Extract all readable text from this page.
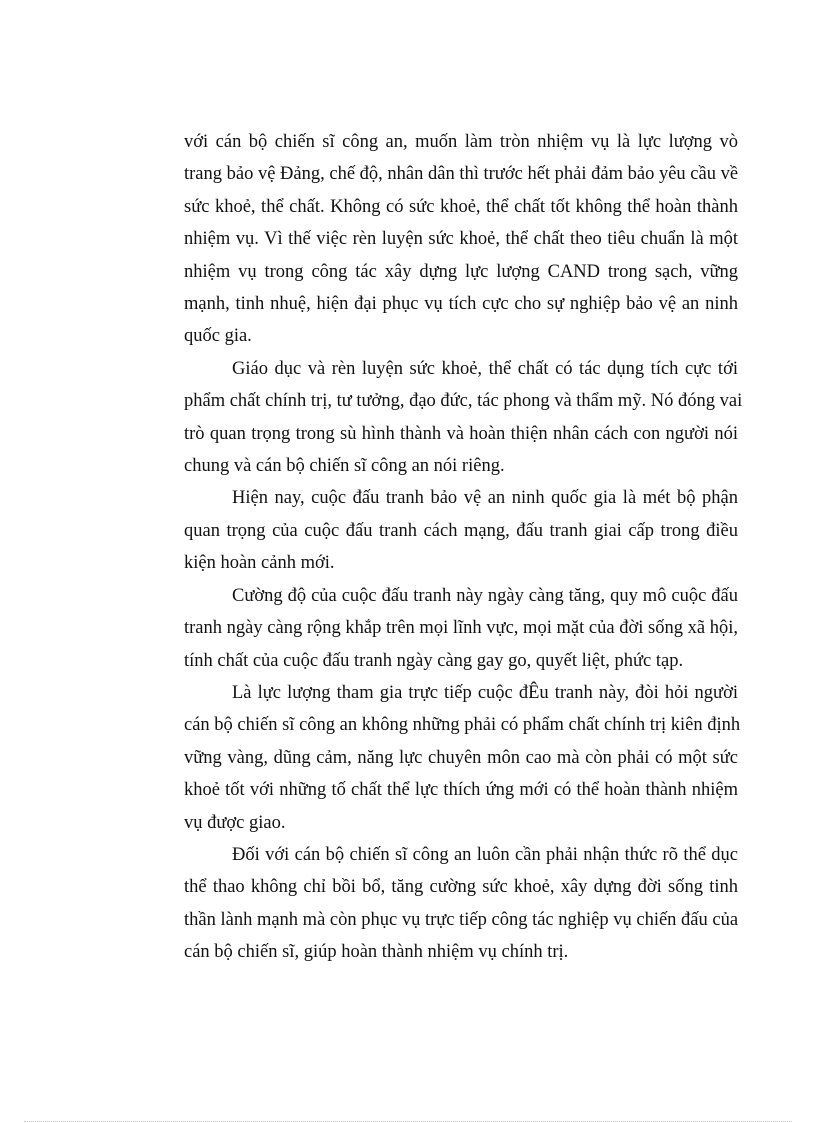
với cán bộ chiến sĩ công an, muốn làm tròn nhiệm vụ là lực lượng vò
trang bảo vệ Đảng, chế độ, nhân dân thì trước hết phải đảm bảo yêu cầu về
sức khoẻ, thể chất. Không có sức khoẻ, thể chất tốt không thể hoàn thành
nhiệm vụ. Vì thế việc rèn luyện sức khoẻ, thể chất theo tiêu chuẩn là một
nhiệm vụ trong công tác xây dựng lực lượng CAND trong sạch, vững
mạnh, tinh nhuệ, hiện đại phục vụ tích cực cho sự nghiệp bảo vệ an ninh
quốc gia.

Giáo dục và rèn luyện sức khoẻ, thể chất có tác dụng tích cực tới
phẩm chất chính trị, tư tưởng, đạo đức, tác phong và thẩm mỹ. Nó đóng vai
trò quan trọng trong sù hình thành và hoàn thiện nhân cách con người nói
chung và cán bộ chiến sĩ công an nói riêng.

Hiện nay, cuộc đấu tranh bảo vệ an ninh quốc gia là mét bộ phận
quan trọng của cuộc đấu tranh cách mạng, đấu tranh giai cấp trong điều
kiện hoàn cảnh mới.

Cường độ của cuộc đấu tranh này ngày càng tăng, quy mô cuộc đấu
tranh ngày càng rộng khắp trên mọi lĩnh vực, mọi mặt của đời sống xã hội,
tính chất của cuộc đấu tranh ngày càng gay go, quyết liệt, phức tạp.

Là lực lượng tham gia trực tiếp cuộc đÊu tranh này, đòi hỏi người
cán bộ chiến sĩ công an không những phải có phẩm chất chính trị kiên định
vững vàng, dũng cảm, năng lực chuyên môn cao mà còn phải có một sức
khoẻ tốt với những tố chất thể lực thích ứng mới có thể hoàn thành nhiệm
vụ được giao.

Đối với cán bộ chiến sĩ công an luôn cần phải nhận thức rõ thể dục
thể thao không chỉ bồi bổ, tăng cường sức khoẻ, xây dựng đời sống tinh
thần lành mạnh mà còn phục vụ trực tiếp công tác nghiệp vụ chiến đấu của
cán bộ chiến sĩ, giúp hoàn thành nhiệm vụ chính trị.
